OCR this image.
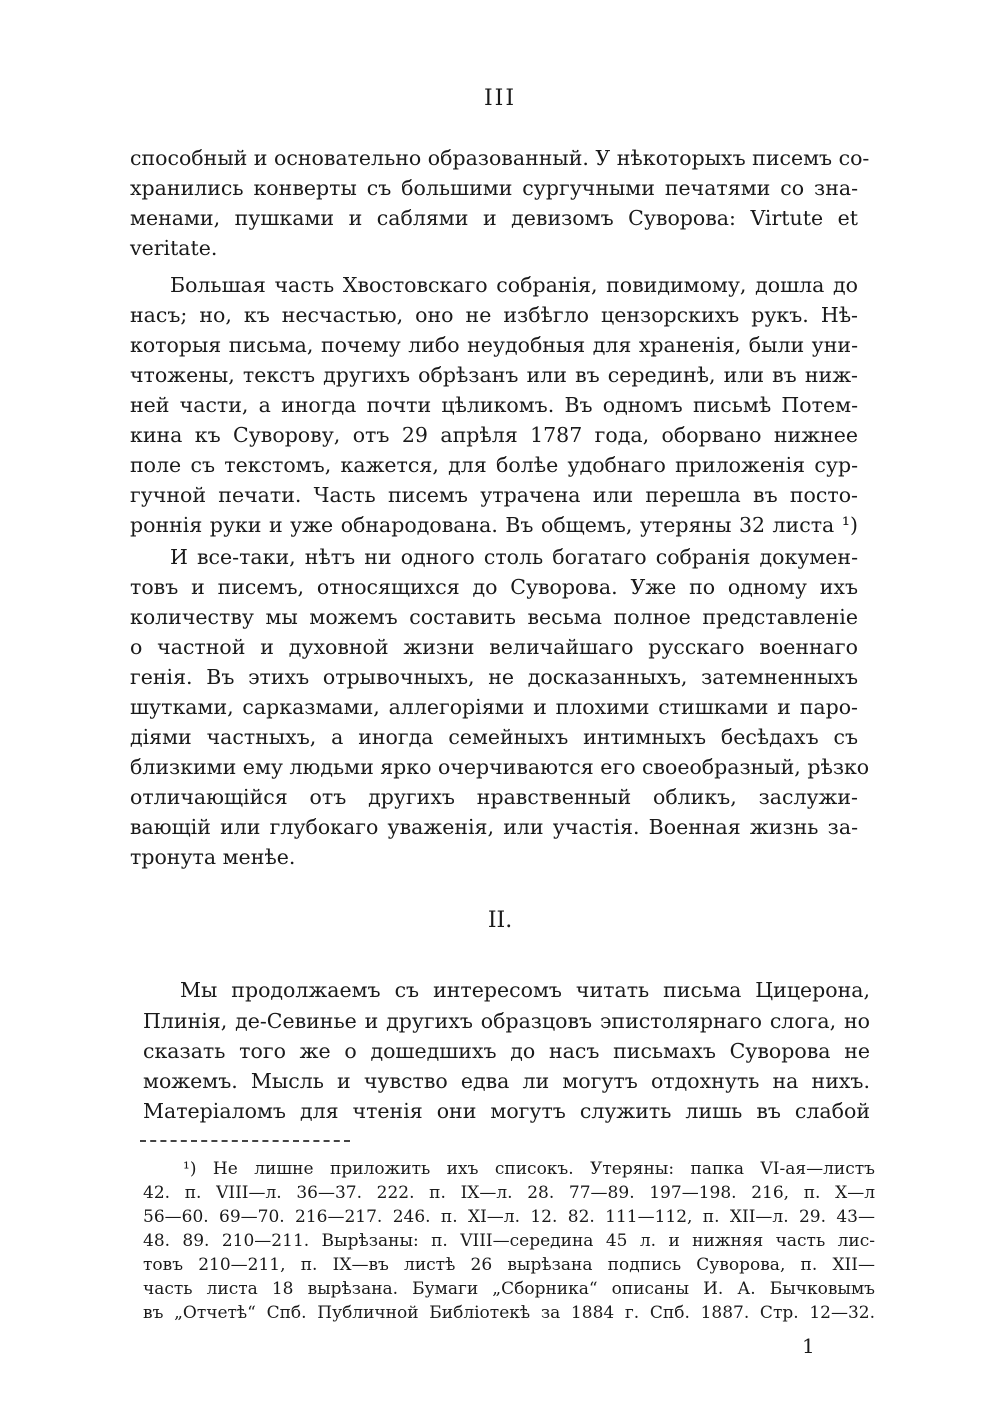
III
способный и основательно образованный. У нѣкоторыхъ писемъ со-
хранились конверты съ большими сургучными печатями со зна-
менами, пушками и саблями и девизомъ Суворова: Virtute et
veritate.
Большая часть Хвостовскаго собранія, повидимому, дошла до
насъ; но, къ несчастью, оно не избѣгло цензорскихъ рукъ. Нѣ-
которыя письма, почему либо неудобныя для храненія, были уни-
чтожены, текстъ другихъ обрѣзанъ или въ серединѣ, или въ ниж-
ней части, а иногда почти цѣликомъ. Въ одномъ письмѣ Потем-
кина къ Суворову, отъ 29 апрѣля 1787 года, оборвано нижнее
поле съ текстомъ, кажется, для болѣе удобнаго приложенія сур-
гучной печати. Часть писемъ утрачена или перешла въ посто-
роннія руки и уже обнародована. Въ общемъ, утеряны 32 листа ¹)
И все-таки, нѣтъ ни одного столь богатаго собранія докумен-
товъ и писемъ, относящихся до Суворова. Уже по одному ихъ
количеству мы можемъ составить весьма полное представленіе
о частной и духовной жизни величайшаго русскаго военнаго
генія. Въ этихъ отрывочныхъ, не досказанныхъ, затемненныхъ
шутками, сарказмами, аллегоріями и плохими стишками и паро-
діями частныхъ, а иногда семейныхъ интимныхъ бесѣдахъ съ
близкими ему людьми ярко очерчиваются его своеобразный, рѣзко
отличающійся отъ другихъ нравственный обликъ, заслужи-
вающій или глубокаго уваженія, или участія. Военная жизнь за-
тронута менѣе.
II.
Мы продолжаемъ съ интересомъ читать письма Цицерона,
Плинія, де-Севинье и другихъ образцовъ эпистолярнаго слога, но
сказать того же о дошедшихъ до насъ письмахъ Суворова не
можемъ. Мысль и чувство едва ли могутъ отдохнуть на нихъ.
Матеріаломъ для чтенія они могутъ служить лишь въ слабой
¹) Не лишне приложить ихъ списокъ. Утеряны: папка VI-ая—листъ
42. п. VIII—л. 36—37. 222. п. IX—л. 28. 77—89. 197—198. 216, п. X—л
56—60. 69—70. 216—217. 246. п. XI—л. 12. 82. 111—112, п. XII—л. 29. 43—
48. 89. 210—211. Вырѣзаны: п. VIII—середина 45 л. и нижняя часть лис-
товъ 210—211, п. IX—въ листѣ 26 вырѣзана подпись Суворова, п. XII—
часть листа 18 вырѣзана. Бумаги „Сборника“ описаны И. А. Бычковымъ
въ „Отчетѣ“ Спб. Публичной Библіотекѣ за 1884 г. Спб. 1887. Стр. 12—32.
1
